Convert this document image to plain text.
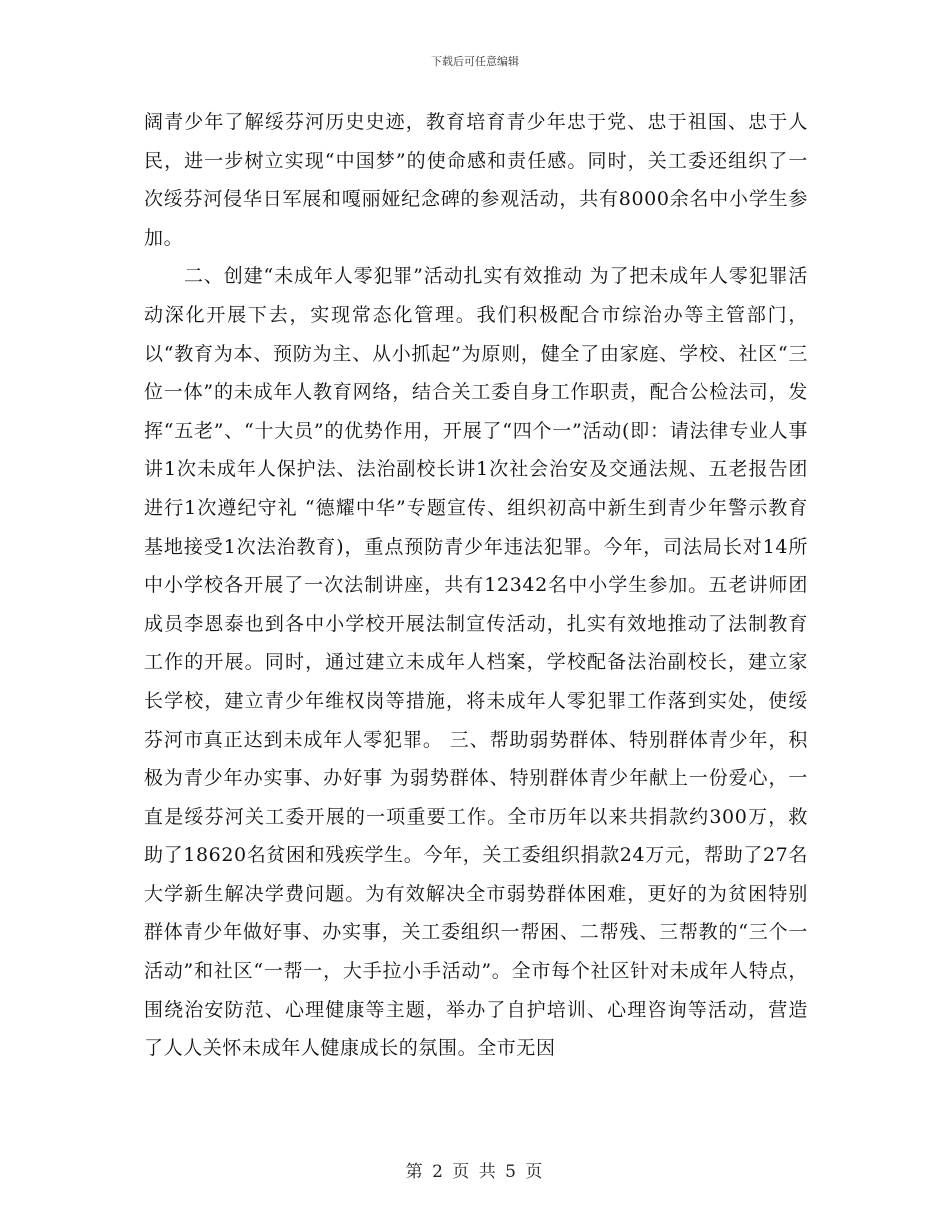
下载后可任意编辑

阔青少年了解绥芬河历史史迹，教育培育青少年忠于党、忠于祖国、忠于人民，进一步树立实现“中国梦”的使命感和责任感。同时，关工委还组织了一次绥芬河侵华日军展和嘎丽娅纪念碑的参观活动，共有8000余名中小学生参加。

二、创建“未成年人零犯罪”活动扎实有效推动 为了把未成年人零犯罪活动深化开展下去，实现常态化管理。我们积极配合市综治办等主管部门，以“教育为本、预防为主、从小抓起”为原则，健全了由家庭、学校、社区“三位一体”的未成年人教育网络，结合关工委自身工作职责，配合公检法司，发挥“五老”、“十大员”的优势作用，开展了“四个一”活动(即：请法律专业人事讲1次未成年人保护法、法治副校长讲1次社会治安及交通法规、五老报告团进行1次遵纪守礼 “德耀中华”专题宣传、组织初高中新生到青少年警示教育基地接受1次法治教育)，重点预防青少年违法犯罪。今年，司法局长对14所中小学校各开展了一次法制讲座，共有12342名中小学生参加。五老讲师团成员李恩泰也到各中小学校开展法制宣传活动，扎实有效地推动了法制教育工作的开展。同时，通过建立未成年人档案，学校配备法治副校长，建立家长学校，建立青少年维权岗等措施，将未成年人零犯罪工作落到实处，使绥芬河市真正达到未成年人零犯罪。 三、帮助弱势群体、特别群体青少年，积极为青少年办实事、办好事 为弱势群体、特别群体青少年献上一份爱心，一直是绥芬河关工委开展的一项重要工作。全市历年以来共捐款约300万，救助了18620名贫困和残疾学生。今年，关工委组织捐款24万元，帮助了27名大学新生解决学费问题。为有效解决全市弱势群体困难，更好的为贫困特别群体青少年做好事、办实事，关工委组织一帮困、二帮残、三帮教的“三个一活动”和社区“一帮一，大手拉小手活动”。全市每个社区针对未成年人特点，围绕治安防范、心理健康等主题，举办了自护培训、心理咨询等活动，营造了人人关怀未成年人健康成长的氛围。全市无因

第 2 页 共 5 页
